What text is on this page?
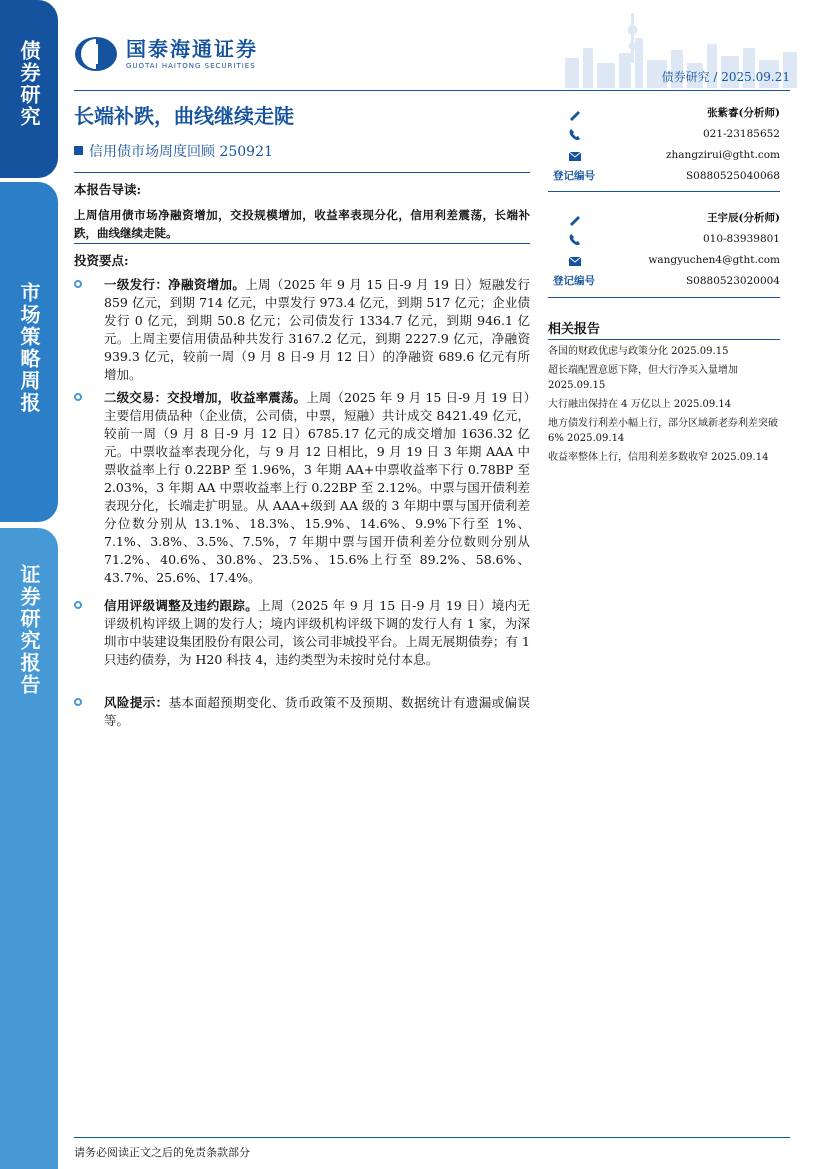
债券研究
市场策略周报
证券研究报告
国泰海通证券
GUOTAI HAITONG SECURITIES
债券研究 / 2025.09.21
长端补跌，曲线继续走陡
信用债市场周度回顾 250921
本报告导读:
上周信用债市场净融资增加，交投规模增加，收益率表现分化，信用利差震荡，长端补跌，曲线继续走陡。
投资要点:

一级发行：净融资增加。上周（2025 年 9 月 15 日-9 月 19 日）短融发行 859 亿元，到期 714 亿元，中票发行 973.4 亿元，到期 517 亿元；企业债发行 0 亿元，到期 50.8 亿元；公司债发行 1334.7 亿元，到期 946.1 亿元。上周主要信用债品种共发行 3167.2 亿元，到期 2227.9 亿元，净融资 939.3 亿元，较前一周（9 月 8 日-9 月 12 日）的净融资 689.6 亿元有所增加。

二级交易：交投增加，收益率震荡。上周（2025 年 9 月 15 日-9 月 19 日）主要信用债品种（企业债，公司债，中票，短融）共计成交 8421.49 亿元，较前一周（9 月 8 日-9 月 12 日）6785.17 亿元的成交增加 1636.32 亿元。中票收益率表现分化，与 9 月 12 日相比，9 月 19 日 3 年期 AAA 中票收益率上行 0.22BP 至 1.96%，3 年期 AA+中票收益率下行 0.78BP 至 2.03%，3 年期 AA 中票收益率上行 0.22BP 至 2.12%。中票与国开债利差表现分化，长端走扩明显。从 AAA+级到 AA 级的 3 年期中票与国开债利差分位数分别从 13.1%、18.3%、15.9%、14.6%、9.9%下行至 1%、7.1%、3.8%、3.5%、7.5%，7 年期中票与国开债利差分位数则分别从 71.2%、40.6%、30.8%、23.5%、15.6%上行至 89.2%、58.6%、43.7%、25.6%、17.4%。

信用评级调整及违约跟踪。上周（2025 年 9 月 15 日-9 月 19 日）境内无评级机构评级上调的发行人；境内评级机构评级下调的发行人有 1 家，为深圳市中装建设集团股份有限公司，该公司非城投平台。上周无展期债券；有 1 只违约债券，为 H20 科技 4，违约类型为未按时兑付本息。

风险提示：基本面超预期变化、货币政策不及预期、数据统计有遗漏或偏误等。

张紫睿(分析师)
021-23185652
zhangzirui@gtht.com
登记编号	S0880525040068
王宇辰(分析师)
010-83939801
wangyuchen4@gtht.com
登记编号	S0880523020004
相关报告
各国的财政优虑与政策分化 2025.09.15
超长端配置意愿下降，但大行净买入量增加 2025.09.15
大行融出保持在 4 万亿以上 2025.09.14
地方债发行利差小幅上行，部分区域新老券利差突破 6% 2025.09.14
收益率整体上行，信用利差多数收窄 2025.09.14
请务必阅读正文之后的免责条款部分
